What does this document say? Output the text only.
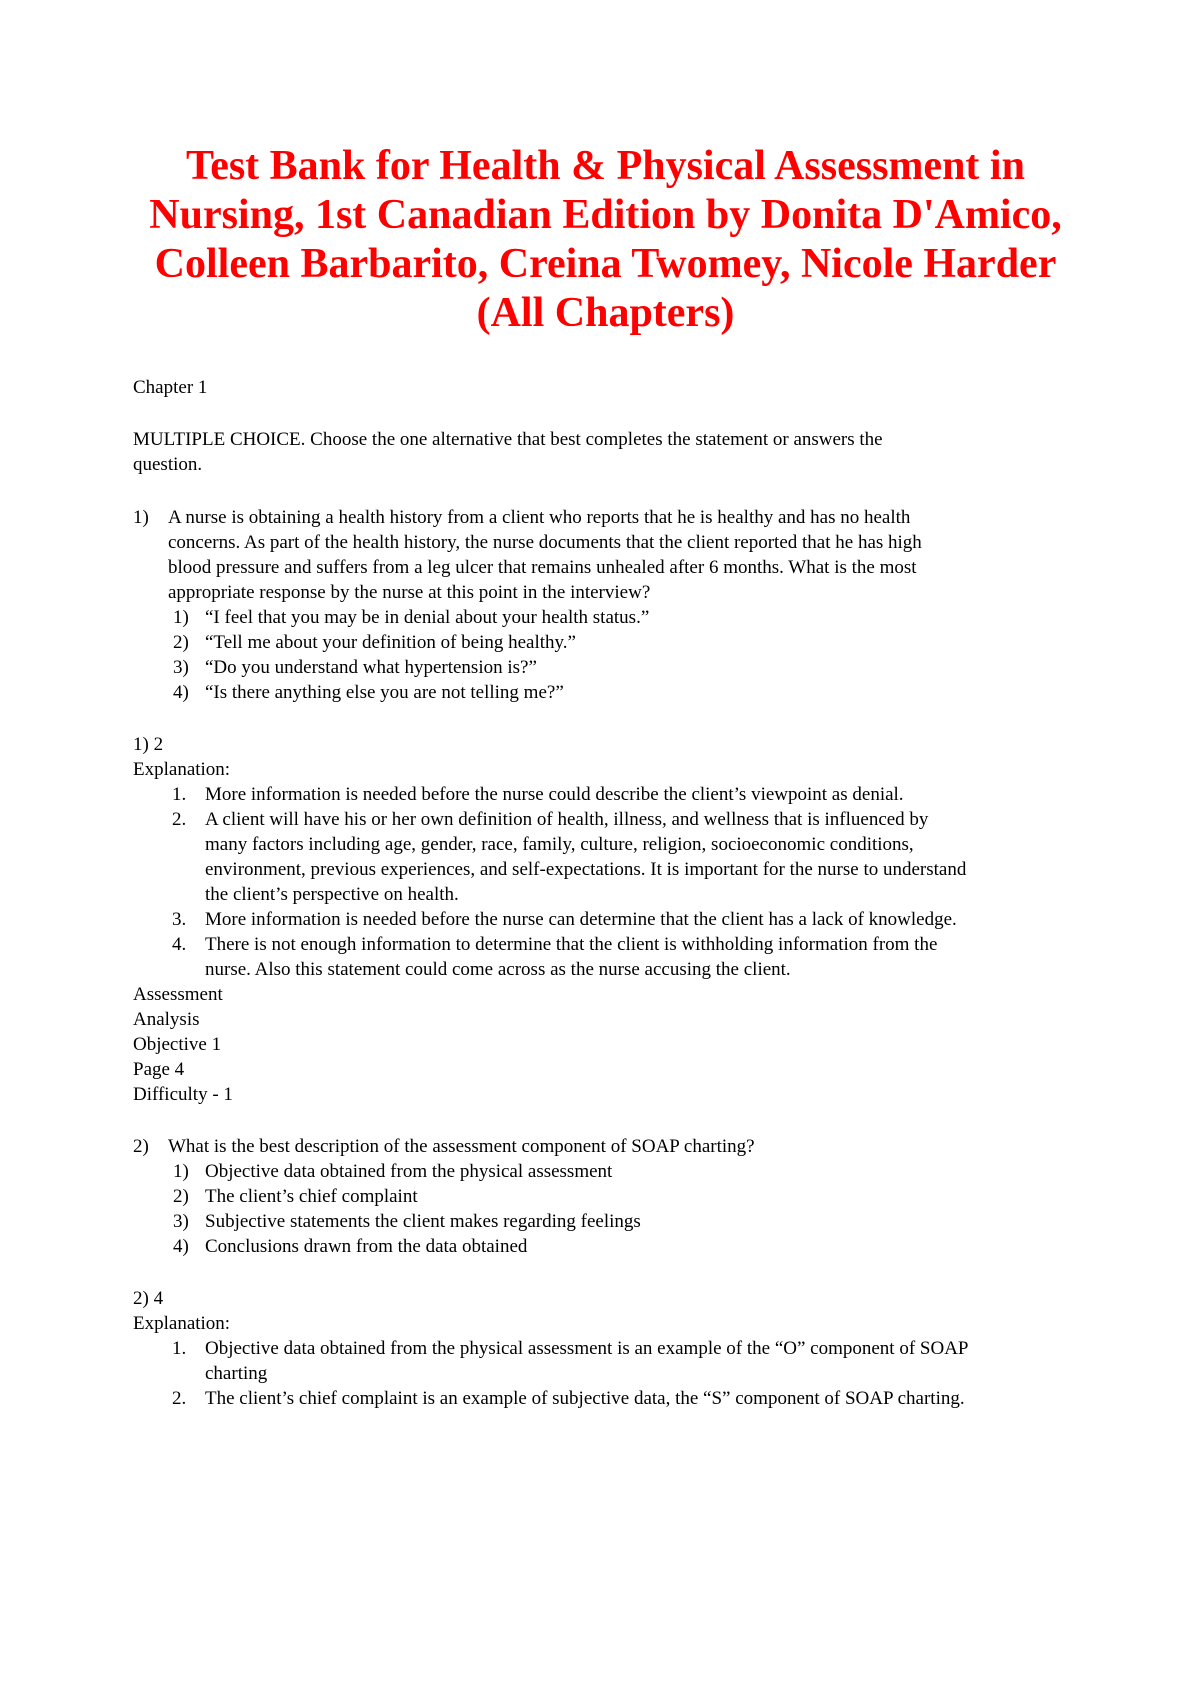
Test Bank for Health & Physical Assessment in
Nursing, 1st Canadian Edition by Donita D'Amico,
Colleen Barbarito, Creina Twomey, Nicole Harder
(All Chapters)
Chapter 1
MULTIPLE CHOICE. Choose the one alternative that best completes the statement or answers the
question.
1) A nurse is obtaining a health history from a client who reports that he is healthy and has no health
concerns. As part of the health history, the nurse documents that the client reported that he has high
blood pressure and suffers from a leg ulcer that remains unhealed after 6 months. What is the most
appropriate response by the nurse at this point in the interview?
1) “I feel that you may be in denial about your health status.”
2) “Tell me about your definition of being healthy.”
3) “Do you understand what hypertension is?”
4) “Is there anything else you are not telling me?”
1) 2
Explanation:
1. More information is needed before the nurse could describe the client’s viewpoint as denial.
2. A client will have his or her own definition of health, illness, and wellness that is influenced by
many factors including age, gender, race, family, culture, religion, socioeconomic conditions,
environment, previous experiences, and self-expectations. It is important for the nurse to understand
the client’s perspective on health.
3. More information is needed before the nurse can determine that the client has a lack of knowledge.
4. There is not enough information to determine that the client is withholding information from the
nurse. Also this statement could come across as the nurse accusing the client.
Assessment
Analysis
Objective 1
Page 4
Difficulty - 1
2) What is the best description of the assessment component of SOAP charting?
1) Objective data obtained from the physical assessment
2) The client’s chief complaint
3) Subjective statements the client makes regarding feelings
4) Conclusions drawn from the data obtained
2) 4
Explanation:
1. Objective data obtained from the physical assessment is an example of the “O” component of SOAP
charting
2. The client’s chief complaint is an example of subjective data, the “S” component of SOAP charting.
